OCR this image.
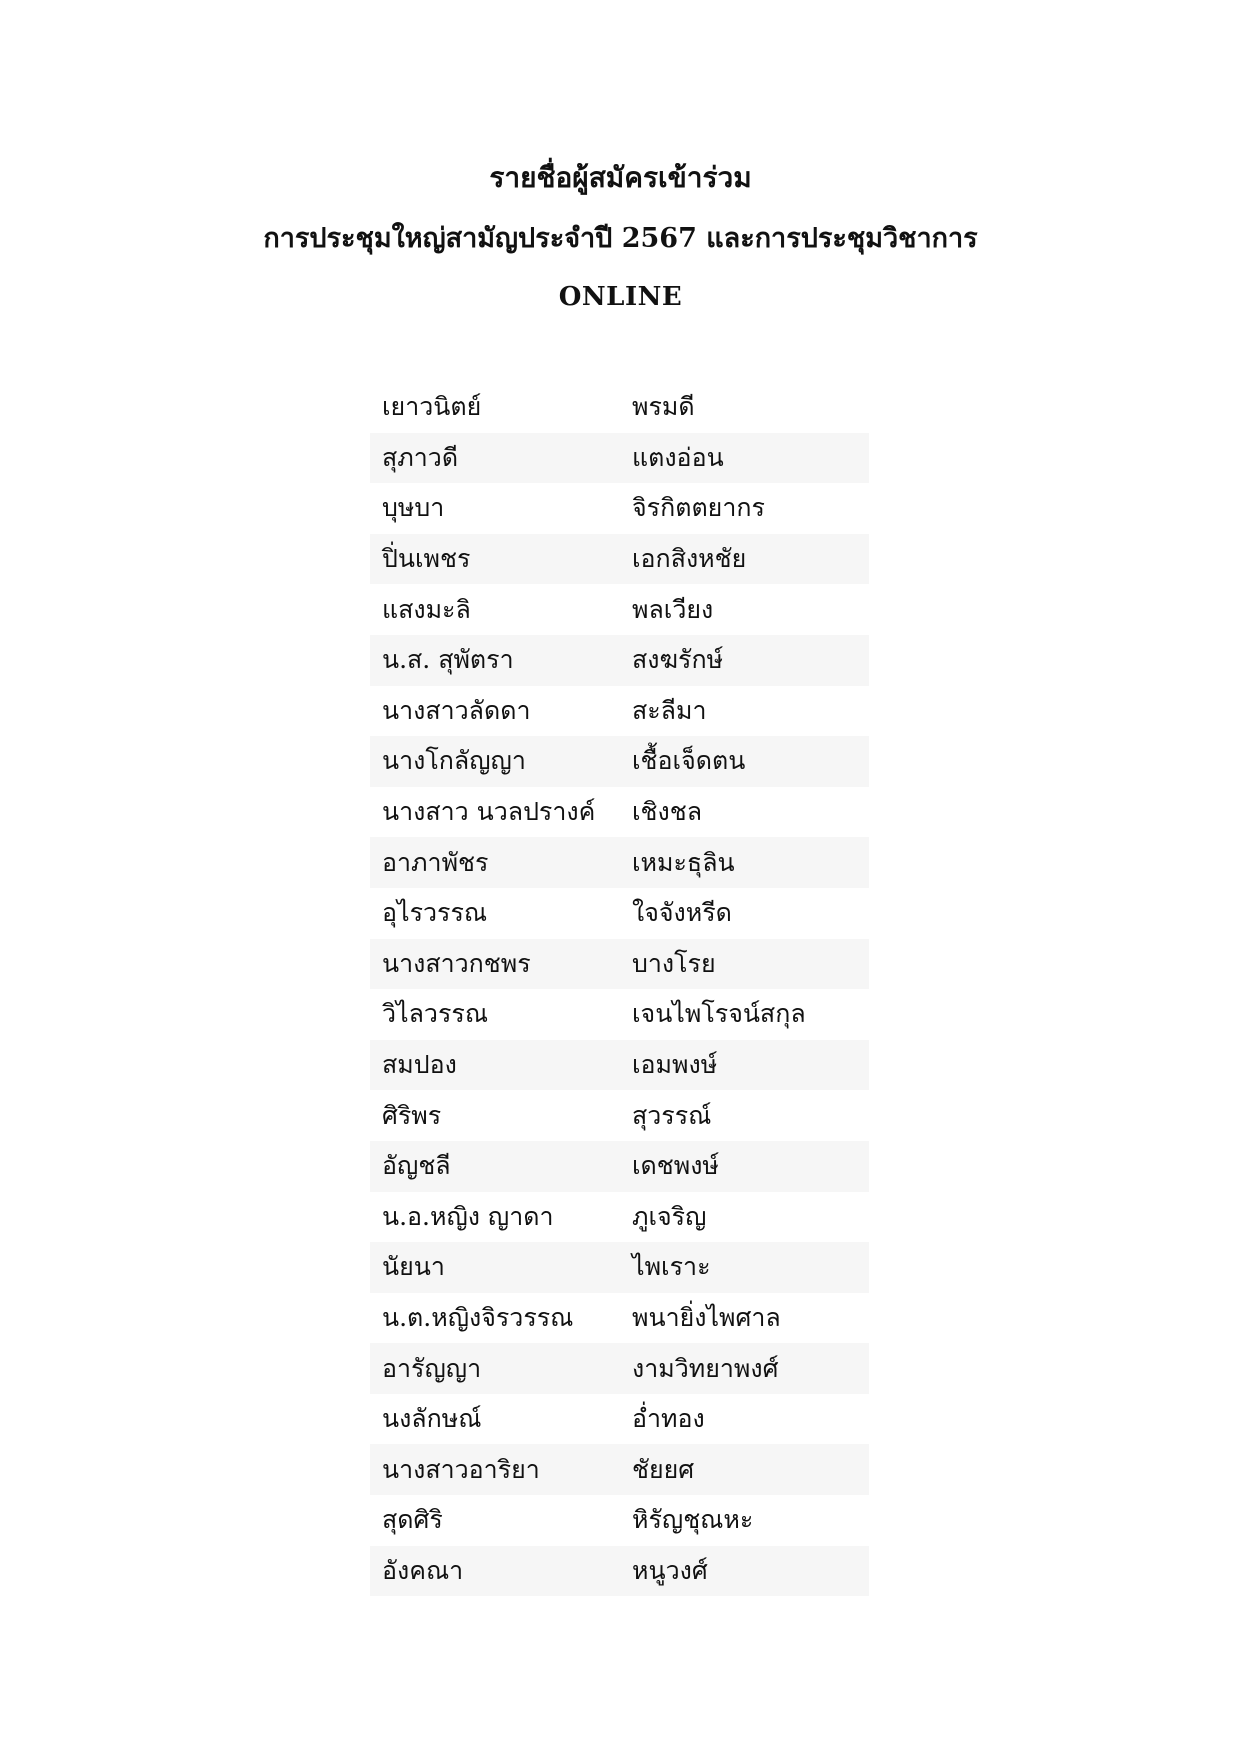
รายชื่อผู้สมัครเข้าร่วม
การประชุมใหญ่สามัญประจำปี 2567 และการประชุมวิชาการ
ONLINE
เยาวนิตย์	พรมดี
สุภาวดี	แตงอ่อน
บุษบา	จิรกิตตยากร
ปิ่นเพชร	เอกสิงหชัย
แสงมะลิ	พลเวียง
น.ส. สุพัตรา	สงฆรักษ์
นางสาวลัดดา	สะลีมา
นางโกลัญญา	เชื้อเจ็ดตน
นางสาว นวลปรางค์	เชิงชล
อาภาพัชร	เหมะธุลิน
อุไรวรรณ	ใจจังหรีด
นางสาวกชพร	บางโรย
วิไลวรรณ	เจนไพโรจน์สกุล
สมปอง	เอมพงษ์
ศิริพร	สุวรรณ์
อัญชลี	เดชพงษ์
น.อ.หญิง ญาดา	ภูเจริญ
นัยนา	ไพเราะ
น.ต.หญิงจิรวรรณ	พนายิ่งไพศาล
อารัญญา	งามวิทยาพงศ์
นงลักษณ์	อ่ำทอง
นางสาวอาริยา	ชัยยศ
สุดศิริ	หิรัญชุณหะ
อังคณา	หนูวงศ์
